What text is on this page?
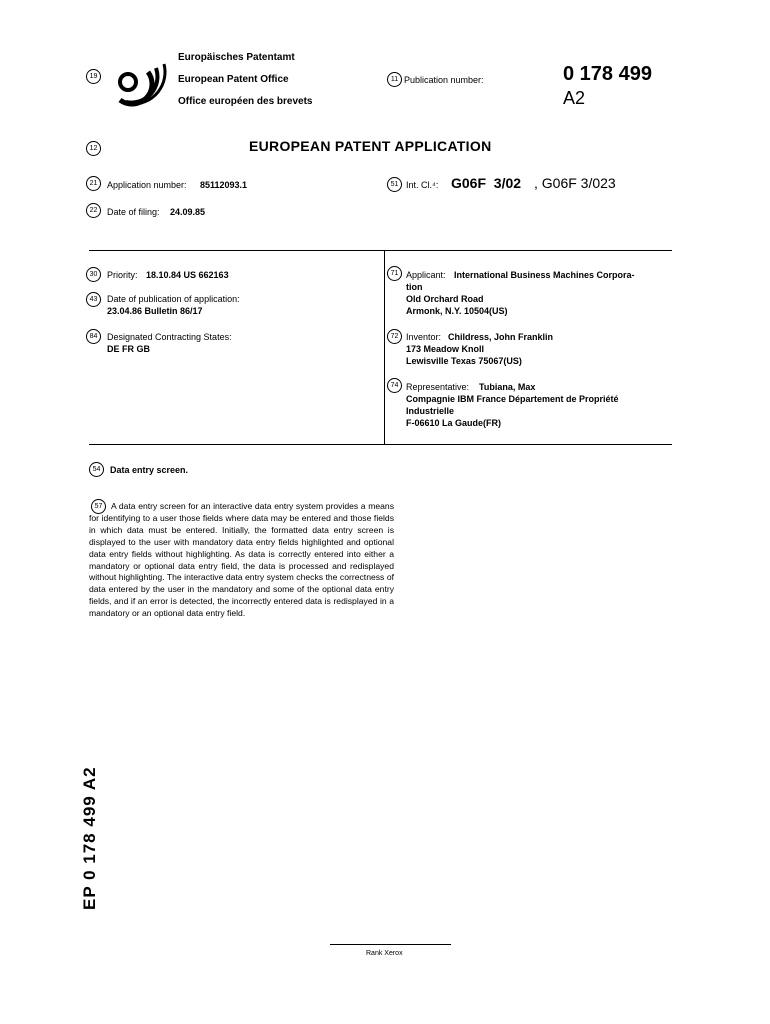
19
Europäisches Patentamt
European Patent Office
Office européen des brevets
11 Publication number:	0 178 499
A2
12	EUROPEAN PATENT APPLICATION
21	Application number: 85112093.1
22	Date of filing: 24.09.85
51 Int. Cl.⁴: G06F  3/02 , G06F 3/023
30	Priority: 18.10.84 US 662163
43	Date of publication of application:
23.04.86 Bulletin 86/17
84	Designated Contracting States:
DE FR GB
71 Applicant: International Business Machines Corpora-
tion
Old Orchard Road
Armonk, N.Y. 10504(US)
72 Inventor: Childress, John Franklin
173 Meadow Knoll
Lewisville Texas 75067(US)
74 Representative: Tubiana, Max
Compagnie IBM France Département de Propriété
Industrielle
F-06610 La Gaude(FR)
54	Data entry screen.
57	A data entry screen for an interactive data entry system provides a means for identifying to a user those fields where data may be entered and those fields in which data must be entered. Initially, the formatted data entry screen is displayed to the user with mandatory data entry fields highlighted and optional data entry fields without highlighting. As data is correctly entered into either a mandatory or optional data entry field, the data is processed and redisplayed without highlighting. The interactive data entry system checks the correctness of data entered by the user in the mandatory and some of the optional data entry fields, and if an error is detected, the incorrectly entered data is redisplayed in a mandatory or an optional data entry field.
EP 0 178 499 A2
Rank Xerox
